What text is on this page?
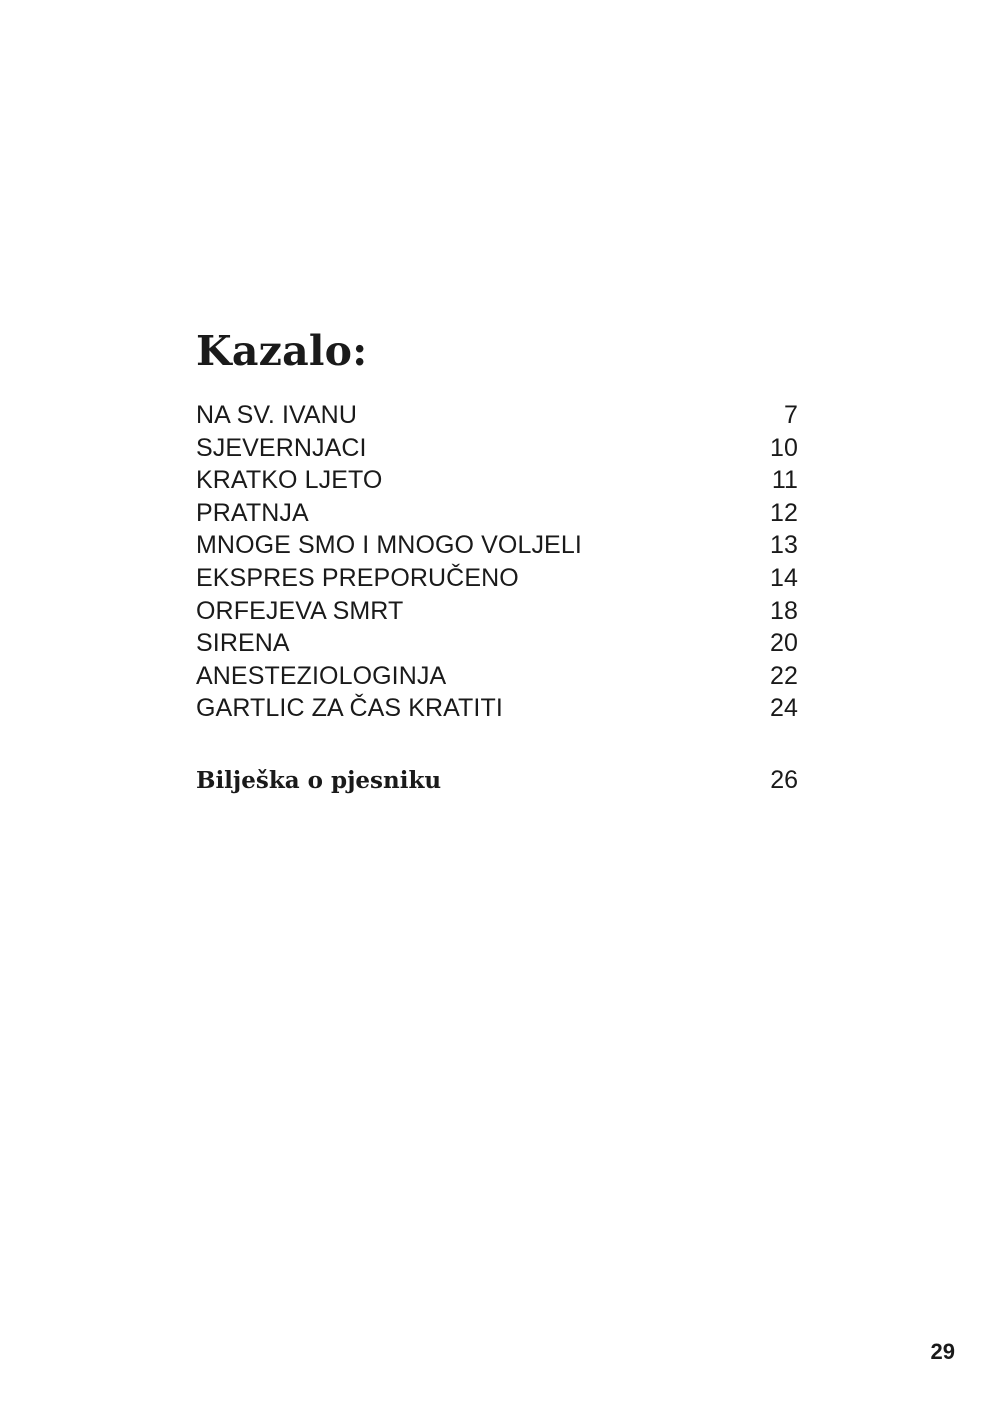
Kazalo:
NA SV. IVANU	7
SJEVERNJACI	10
KRATKO LJETO	11
PRATNJA	12
MNOGE SMO I MNOGO VOLJELI	13
EKSPRES PREPORUČENO	14
ORFEJEVA SMRT	18
SIRENA	20
ANESTEZIOLOGINJA	22
GARTLIC ZA ČAS KRATITI	24
Bilješka o pjesniku	26
29
